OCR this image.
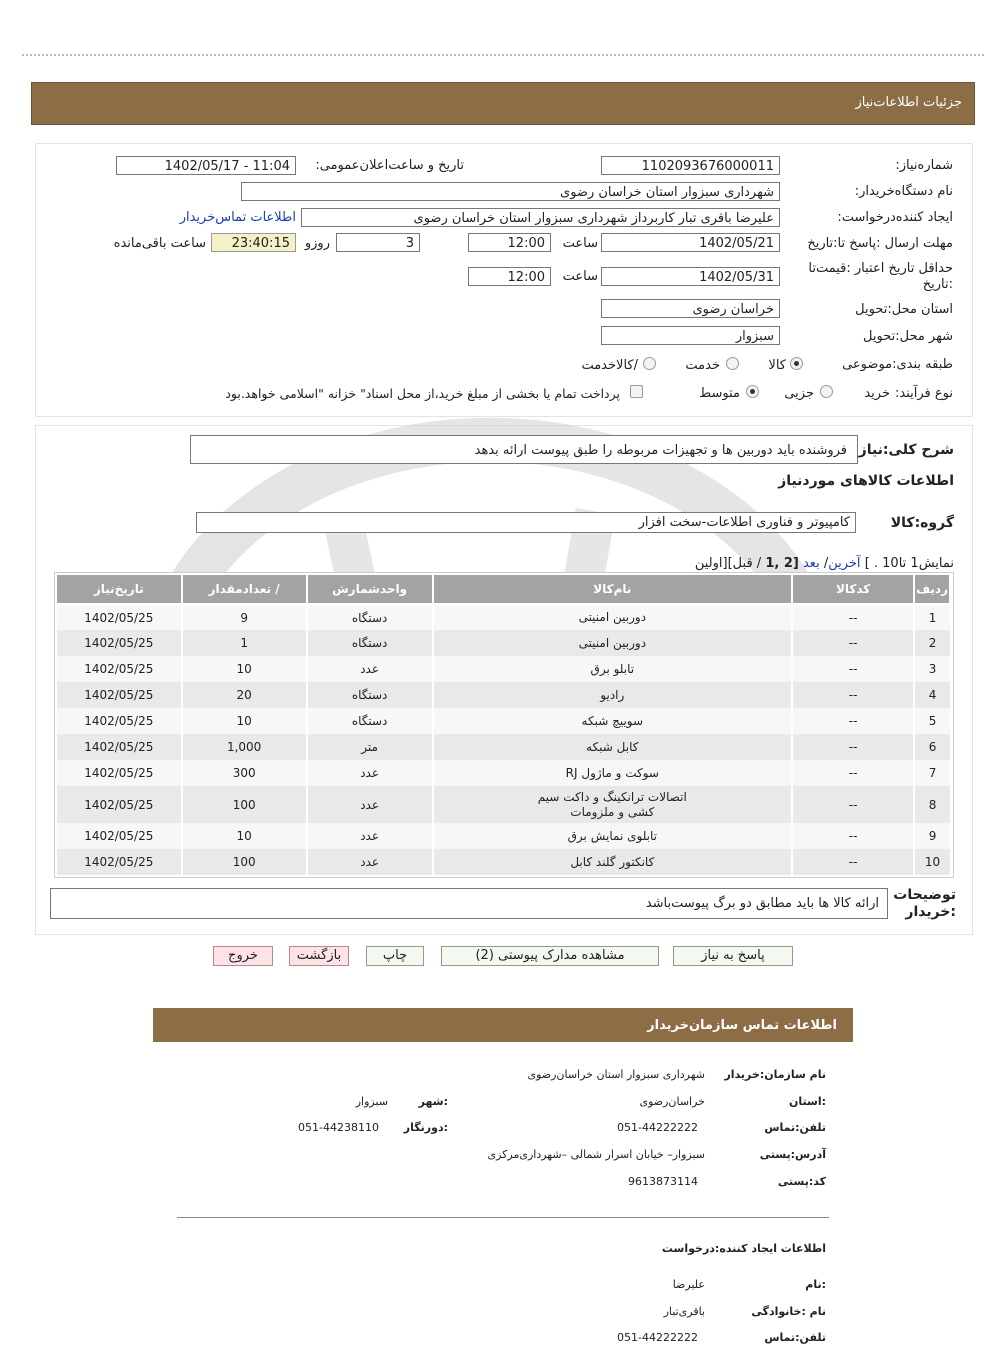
جزئیات اطلاعات‌نیاز
شماره‌نیاز:
1102093676000011
تاریخ و ساعت‌اعلان‌عمومی:
1402/05/17 - 11:04
نام دستگاه‌خریدار:
شهرداری سبزوار استان خراسان رضوی
ایجاد کننده‌درخواست:
علیرضا باقری تبار کاربرداز شهرداری سبزوار استان خراسان رضوی
اطلاعات تماس‌خریدار
مهلت ارسال :پاسخ تا:تاریخ
1402/05/21
ساعت
12:00
3
روزو
23:40:15
ساعت باقی‌مانده
حداقل تاریخ اعتبار :قیمت‌تا
:تاریخ
1402/05/31
ساعت
12:00
استان محل:تحویل
خراسان رضوی
شهر محل:تحویل
سبزوار
طبقه بندی:موضوعی
کالا
خدمت
/کالاخدمت
نوع فرآیند:
خرید
جزیی
متوسط
پرداخت تمام یا بخشی از مبلغ خرید،از محل اسناد" خزانه "اسلامی خواهد.بود
شرح کلی:نیاز
فروشنده باید دوربین ها و تجهیزات مربوطه را طبق پیوست ارائه بدهد
اطلاعات کالاهای موردنیاز
گروه:کالا
کامپیوتر و فناوری اطلاعات-سخت افزار
نمایش1 تا10 . ] آخرین/ بعد [2 ,1 / قبل][اولین
ردیف	کدکالا	نام‌کالا	واحدشمارش	/ تعدادمقدار	تاریخ‌نیاز
1	--	دوربین امنیتی	دستگاه	9	1402/05/25
2	--	دوربین امنیتی	دستگاه	1	1402/05/25
3	--	تابلو برق	عدد	10	1402/05/25
4	--	رادیو	دستگاه	20	1402/05/25
5	--	سوییچ شبکه	دستگاه	10	1402/05/25
6	--	کابل شبکه	متر	1,000	1402/05/25
7	--	سوکت و ماژول RJ	عدد	300	1402/05/25
8	--	اتصالات ترانکینگ و داکت سیم کشی و ملزومات	عدد	100	1402/05/25
9	--	تابلوی نمایش برق	عدد	10	1402/05/25
10	--	کانکتور گلند کابل	عدد	100	1402/05/25
ارائه کالا ها باید مطابق دو برگ پیوست‌باشد
توضیحات
:خریدار
پاسخ به نیاز
مشاهده مدارک پیوستی (2)
چاپ
بازگشت
خروج
اطلاعات تماس سازمان‌خریدار
نام سازمان:خریدار
شهرداری سبزوار استان خراسان‌رضوی
:استان
خراسان‌رضوی
:شهر
سبزوار
تلفن:تماس
051-44222222
:دورنگار
051-44238110
آدرس:پستی
سبزوار– خیابان اسرار شمالی –شهرداری‌مرکزی
کد:پستی
9613873114
اطلاعات ایجاد کننده:درخواست
:نام
علیرضا
نام :خانوادگی
باقری‌تبار
تلفن:تماس
051-44222222
